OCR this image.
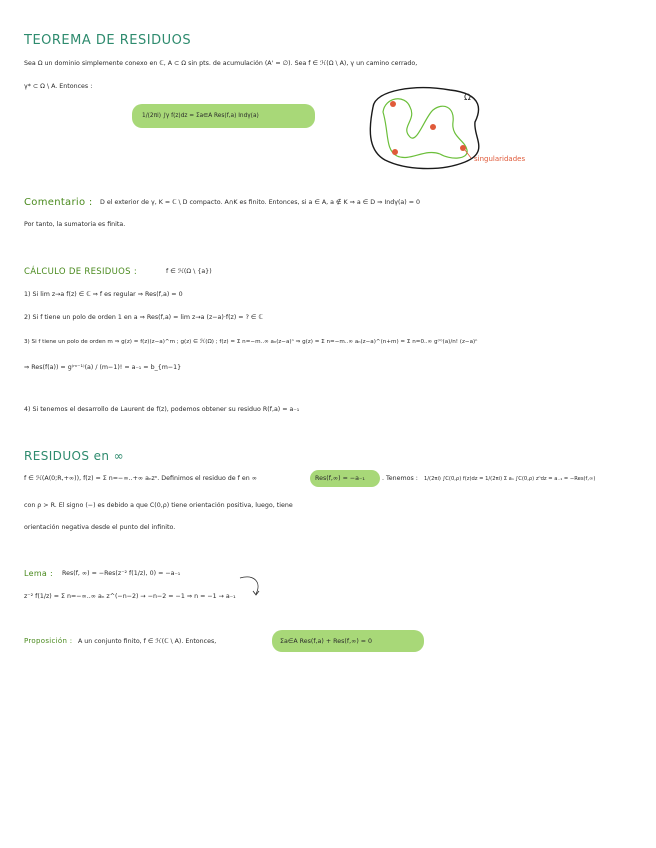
TEOREMA DE RESIDUOS
Sea Ω un dominio simplemente conexo en ℂ, A ⊂ Ω sin pts. de acumulación (A' = ∅). Sea f ∈ ℋ(Ω \ A), γ un camino cerrado,
γ* ⊂ Ω \ A. Entonces :
1/(2πi) ∫γ f(z)dz = Σa∈A Res(f,a) Indγ(a)
Ω
singularidades
Comentario : D el exterior de γ, K = ℂ \ D compacto. A∩K es finito. Entonces, si a ∈ A, a ∉ K ⇒ a ∈ D ⇒ Indγ(a) = 0
Por tanto, la sumatoria es finita.
CÁLCULO DE RESIDUOS :	f ∈ ℋ(Ω \ {a})
1) Si lim z→a f(z) ∈ ℂ ⇒ f es regular ⇒ Res(f,a) = 0
2) Si f tiene un polo de orden 1 en a ⇒ Res(f,a) = lim z→a (z−a)·f(z) = ? ∈ ℂ
3) Si f tiene un polo de orden m ⇒ g(z) = f(z)(z−a)^m ; g(z) ∈ ℋ(Ω) ; f(z) = Σ n=−m..∞ aₙ(z−a)ⁿ ⇒ g(z) = Σ n=−m..∞ aₙ(z−a)^(n+m) = Σ n=0..∞ g⁽ⁿ⁾(a)/n! (z−a)ⁿ
⇒ Res(f(a)) = g⁽ᵐ⁻¹⁾(a) / (m−1)! = a₋₁ = b_{m−1}
4) Si tenemos el desarrollo de Laurent de f(z), podemos obtener su residuo R(f,a) = a₋₁
RESIDUOS en ∞
f ∈ ℋ(A(0;R,+∞)), f(z) = Σ n=−∞..+∞ aₙzⁿ. Definimos el residuo de f en ∞	Res(f,∞) = −a₋₁	. Tenemos : 1/(2πi) ∫C(0,ρ) f(z)dz = 1/(2πi) Σ aₙ ∫C(0,ρ) zⁿdz = a₋₁ = −Res(f,∞)
con ρ > R. El signo (−) es debido a que C(0,ρ) tiene orientación positiva, luego, tiene
orientación negativa desde el punto del infinito.
Lema : Res(f, ∞) = −Res(z⁻² f(1/z), 0) = −a₋₁
z⁻² f(1/z) = Σ n=−∞..∞ aₙ z^(−n−2) → −n−2 = −1 ⇒ n = −1 → a₋₁
Proposición : A un conjunto finito, f ∈ ℋ(ℂ \ A). Entonces,	Σa∈A Res(f,a) + Res(f,∞) = 0
